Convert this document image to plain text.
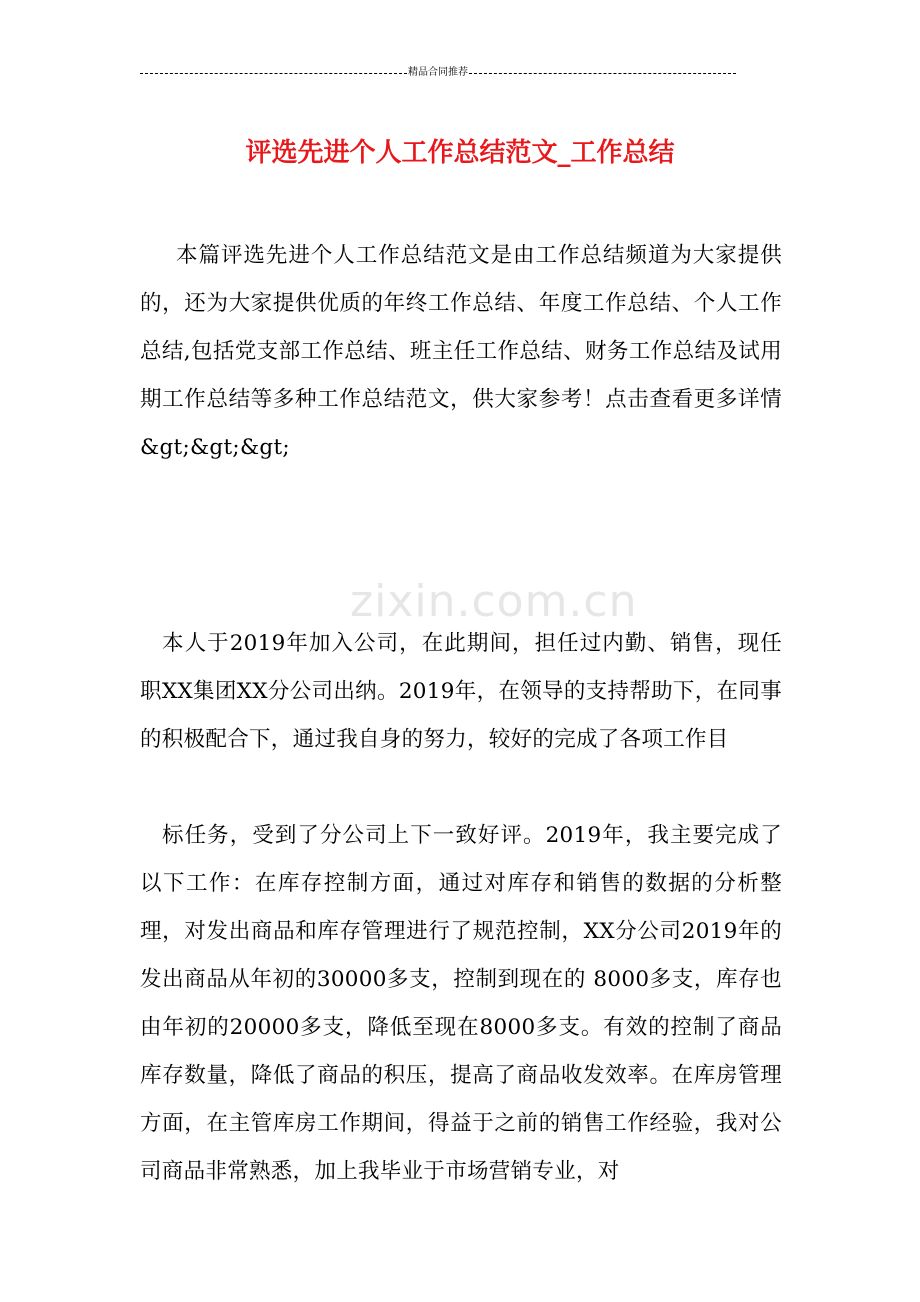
精品合同推荐
评选先进个人工作总结范文_工作总结
zixin.com.cn

本篇评选先进个人工作总结范文是由工作总结频道为大家提供的，还为大家提供优质的年终工作总结、年度工作总结、个人工作总结,包括党支部工作总结、班主任工作总结、财务工作总结及试用期工作总结等多种工作总结范文，供大家参考！点击查看更多详情&gt;&gt;&gt;

本人于2019年加入公司，在此期间，担任过内勤、销售，现任职XX集团XX分公司出纳。2019年，在领导的支持帮助下，在同事的积极配合下，通过我自身的努力，较好的完成了各项工作目

标任务，受到了分公司上下一致好评。2019年，我主要完成了以下工作：在库存控制方面，通过对库存和销售的数据的分析整理，对发出商品和库存管理进行了规范控制，XX分公司2019年的发出商品从年初的30000多支，控制到现在的 8000多支，库存也由年初的20000多支，降低至现在8000多支。有效的控制了商品库存数量，降低了商品的积压，提高了商品收发效率。在库房管理方面，在主管库房工作期间，得益于之前的销售工作经验，我对公司商品非常熟悉，加上我毕业于市场营销专业，对
